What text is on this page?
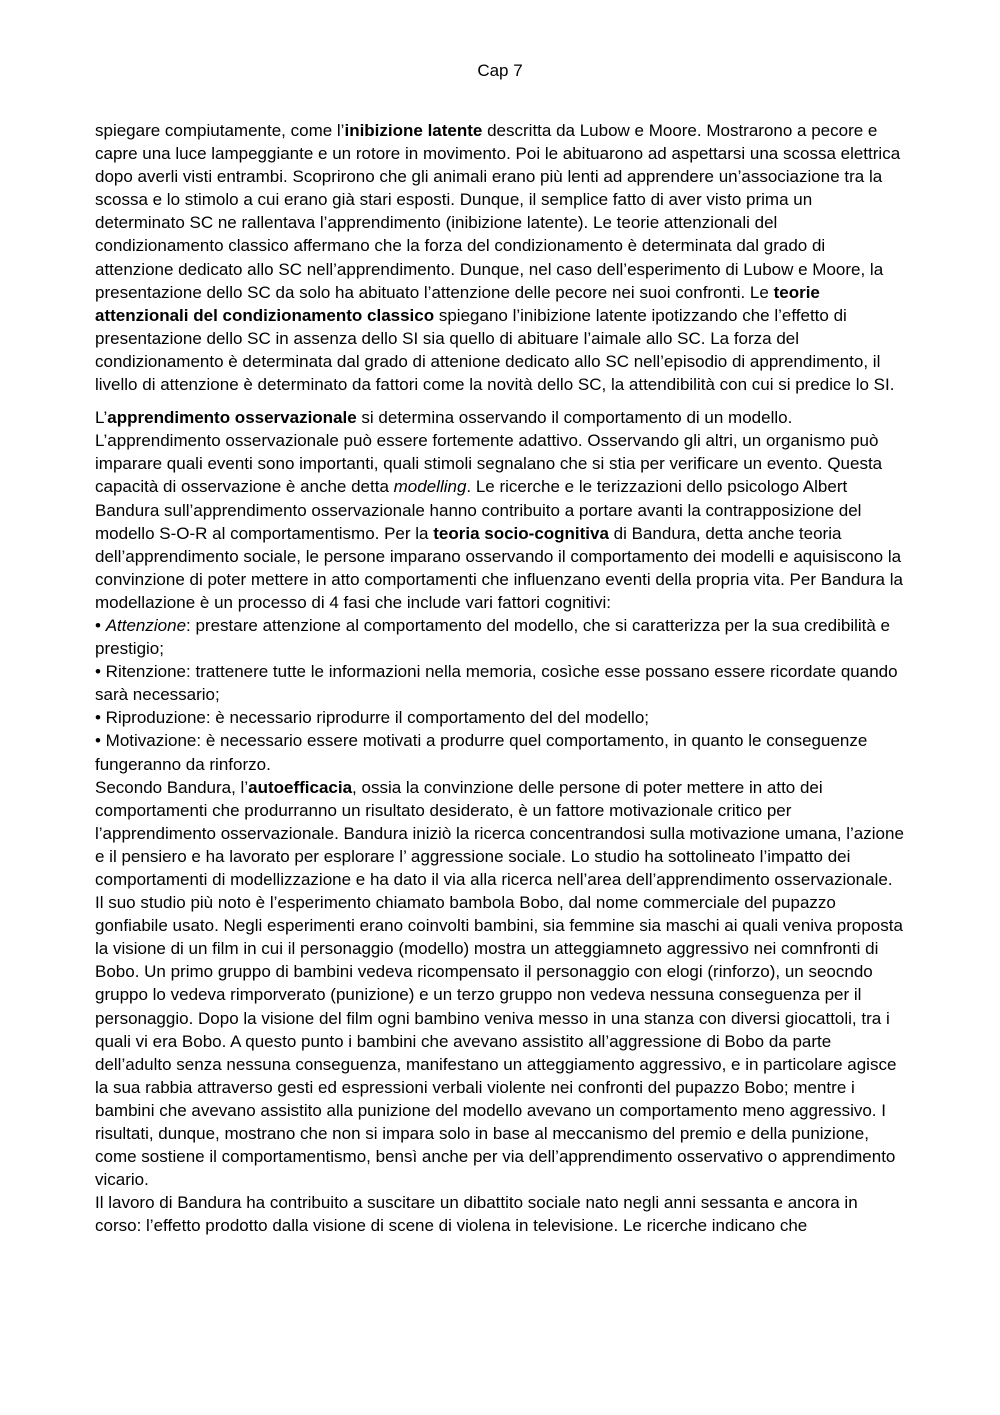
Cap 7

spiegare compiutamente, come l’inibizione latente descritta da Lubow e Moore. Mostrarono a pecore e capre una luce lampeggiante e un rotore in movimento. Poi le abituarono ad aspettarsi una scossa elettrica dopo averli visti entrambi. Scoprirono che gli animali erano più lenti ad apprendere un’associazione tra la scossa e lo stimolo a cui erano già stari esposti. Dunque, il semplice fatto di aver visto prima un determinato SC ne rallentava l’apprendimento (inibizione latente). Le teorie attenzionali del condizionamento classico affermano che la forza del condizionamento è determinata dal grado di attenzione dedicato allo SC nell’apprendimento. Dunque, nel caso dell’esperimento di Lubow e Moore, la presentazione dello SC da solo ha abituato l’attenzione delle pecore nei suoi confronti. Le teorie attenzionali del condizionamento classico spiegano l’inibizione latente ipotizzando che l’effetto di presentazione dello SC in assenza dello SI sia quello di abituare l’aimale allo SC. La forza del condizionamento è determinata dal grado di attenione dedicato allo SC nell’episodio di apprendimento, il livello di attenzione è determinato da fattori come la novità dello SC, la attendibilità con cui si predice lo SI.

L’apprendimento osservazionale si determina osservando il comportamento di un modello. L’apprendimento osservazionale può essere fortemente adattivo. Osservando gli altri, un organismo può imparare quali eventi sono importanti, quali stimoli segnalano che si stia per verificare un evento. Questa capacità di osservazione è anche detta modelling. Le ricerche e le terizzazioni dello psicologo Albert Bandura sull’apprendimento osservazionale hanno contribuito a portare avanti la contrapposizione del modello S-O-R al comportamentismo. Per la teoria socio-cognitiva di Bandura, detta anche teoria dell’apprendimento sociale, le persone imparano osservando il comportamento dei modelli e aquisiscono la convinzione di poter mettere in atto comportamenti che influenzano eventi della propria vita. Per Bandura la modellazione è un processo di 4 fasi che include vari fattori cognitivi:

• Attenzione: prestare attenzione al comportamento del modello, che si caratterizza per la sua credibilità e prestigio;

• Ritenzione: trattenere tutte le informazioni nella memoria, cosìche esse possano essere ricordate quando sarà necessario;

• Riproduzione: è necessario riprodurre il comportamento del del modello;

• Motivazione: è necessario essere motivati a produrre quel comportamento, in quanto le conseguenze fungeranno da rinforzo.

Secondo Bandura, l’autoefficacia, ossia la convinzione delle persone di poter mettere in atto dei comportamenti che produrranno un risultato desiderato, è un fattore motivazionale critico per l’apprendimento osservazionale. Bandura iniziò la ricerca concentrandosi sulla motivazione umana, l’azione e il pensiero e ha lavorato per esplorare l’ aggressione sociale. Lo studio ha sottolineato l’impatto dei comportamenti di modellizzazione e ha dato il via alla ricerca nell’area dell’apprendimento osservazionale. Il suo studio più noto è l’esperimento chiamato bambola Bobo, dal nome commerciale del pupazzo gonfiabile usato. Negli esperimenti erano coinvolti bambini, sia femmine sia maschi ai quali veniva proposta la visione di un film in cui il personaggio (modello) mostra un atteggiamneto aggressivo nei comnfronti di Bobo. Un primo gruppo di bambini vedeva ricompensato il personaggio con elogi (rinforzo), un seocndo gruppo lo vedeva rimporverato (punizione) e un terzo gruppo non vedeva nessuna conseguenza per il personaggio. Dopo la visione del film ogni bambino veniva messo in una stanza con diversi giocattoli, tra i quali vi era Bobo. A questo punto i bambini che avevano assistito all’aggressione di Bobo da parte dell’adulto senza nessuna conseguenza, manifestano un atteggiamento aggressivo, e in particolare agisce la sua rabbia attraverso gesti ed espressioni verbali violente nei confronti del pupazzo Bobo; mentre i bambini che avevano assistito alla punizione del modello avevano un comportamento meno aggressivo. I risultati, dunque, mostrano che non si impara solo in base al meccanismo del premio e della punizione, come sostiene il comportamentismo, bensì anche per via dell’apprendimento osservativo o apprendimento vicario.

Il lavoro di Bandura ha contribuito a suscitare un dibattito sociale nato negli anni sessanta e ancora in corso: l’effetto prodotto dalla visione di scene di violena in televisione. Le ricerche indicano che
